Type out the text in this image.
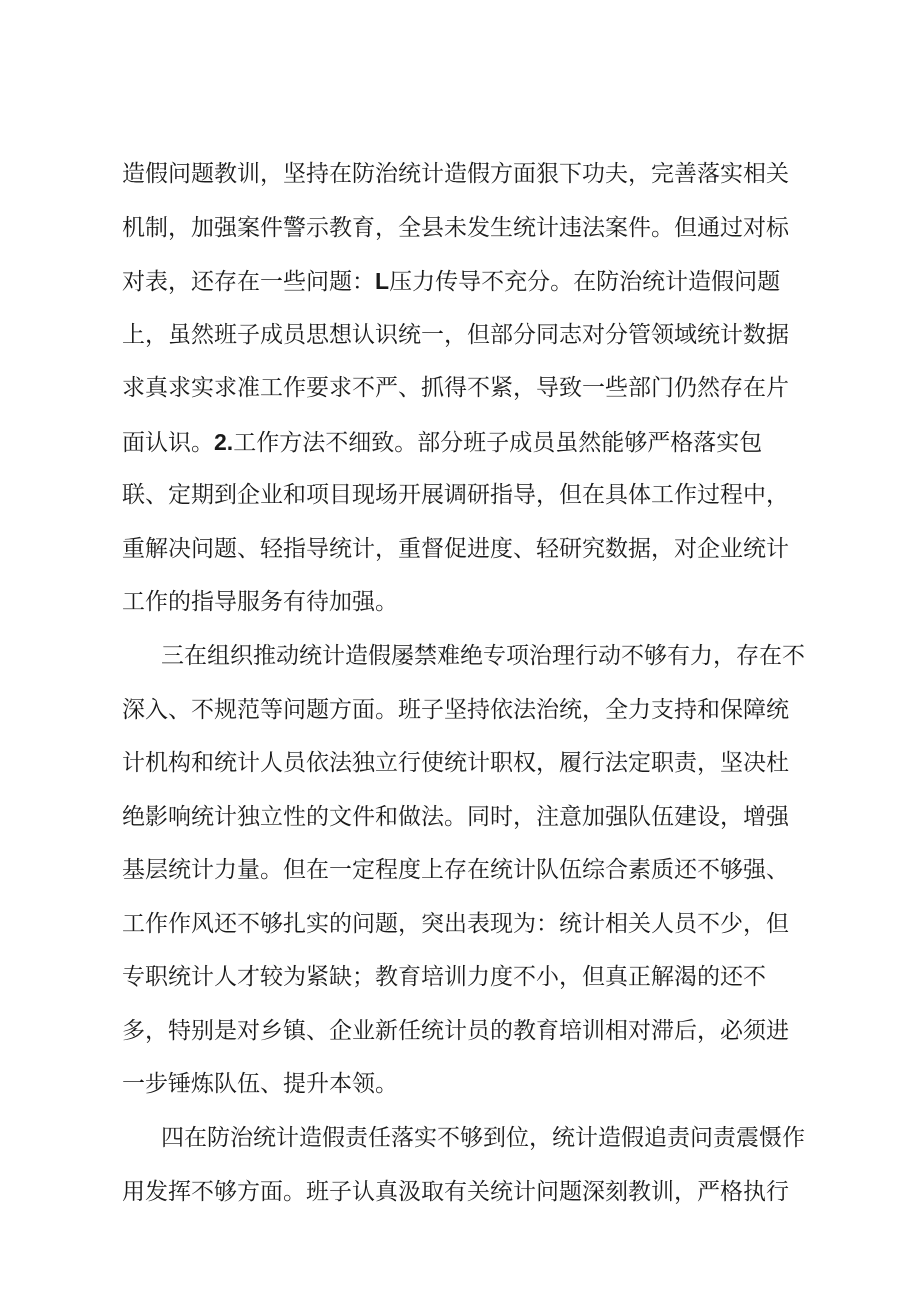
造假问题教训，坚持在防治统计造假方面狠下功夫，完善落实相关

机制，加强案件警示教育，全县未发生统计违法案件。但通过对标

对表，还存在一些问题：L压力传导不充分。在防治统计造假问题

上，虽然班子成员思想认识统一，但部分同志对分管领域统计数据

求真求实求准工作要求不严、抓得不紧，导致一些部门仍然存在片

面认识。2.工作方法不细致。部分班子成员虽然能够严格落实包

联、定期到企业和项目现场开展调研指导，但在具体工作过程中，

重解决问题、轻指导统计，重督促进度、轻研究数据，对企业统计

工作的指导服务有待加强。

三在组织推动统计造假屡禁难绝专项治理行动不够有力，存在不

深入、不规范等问题方面。班子坚持依法治统，全力支持和保障统

计机构和统计人员依法独立行使统计职权，履行法定职责，坚决杜

绝影响统计独立性的文件和做法。同时，注意加强队伍建设，增强

基层统计力量。但在一定程度上存在统计队伍综合素质还不够强、

工作作风还不够扎实的问题，突出表现为：统计相关人员不少，但

专职统计人才较为紧缺；教育培训力度不小，但真正解渴的还不

多，特别是对乡镇、企业新任统计员的教育培训相对滞后，必须进

一步锤炼队伍、提升本领。

四在防治统计造假责任落实不够到位，统计造假追责问责震慑作

用发挥不够方面。班子认真汲取有关统计问题深刻教训，严格执行
